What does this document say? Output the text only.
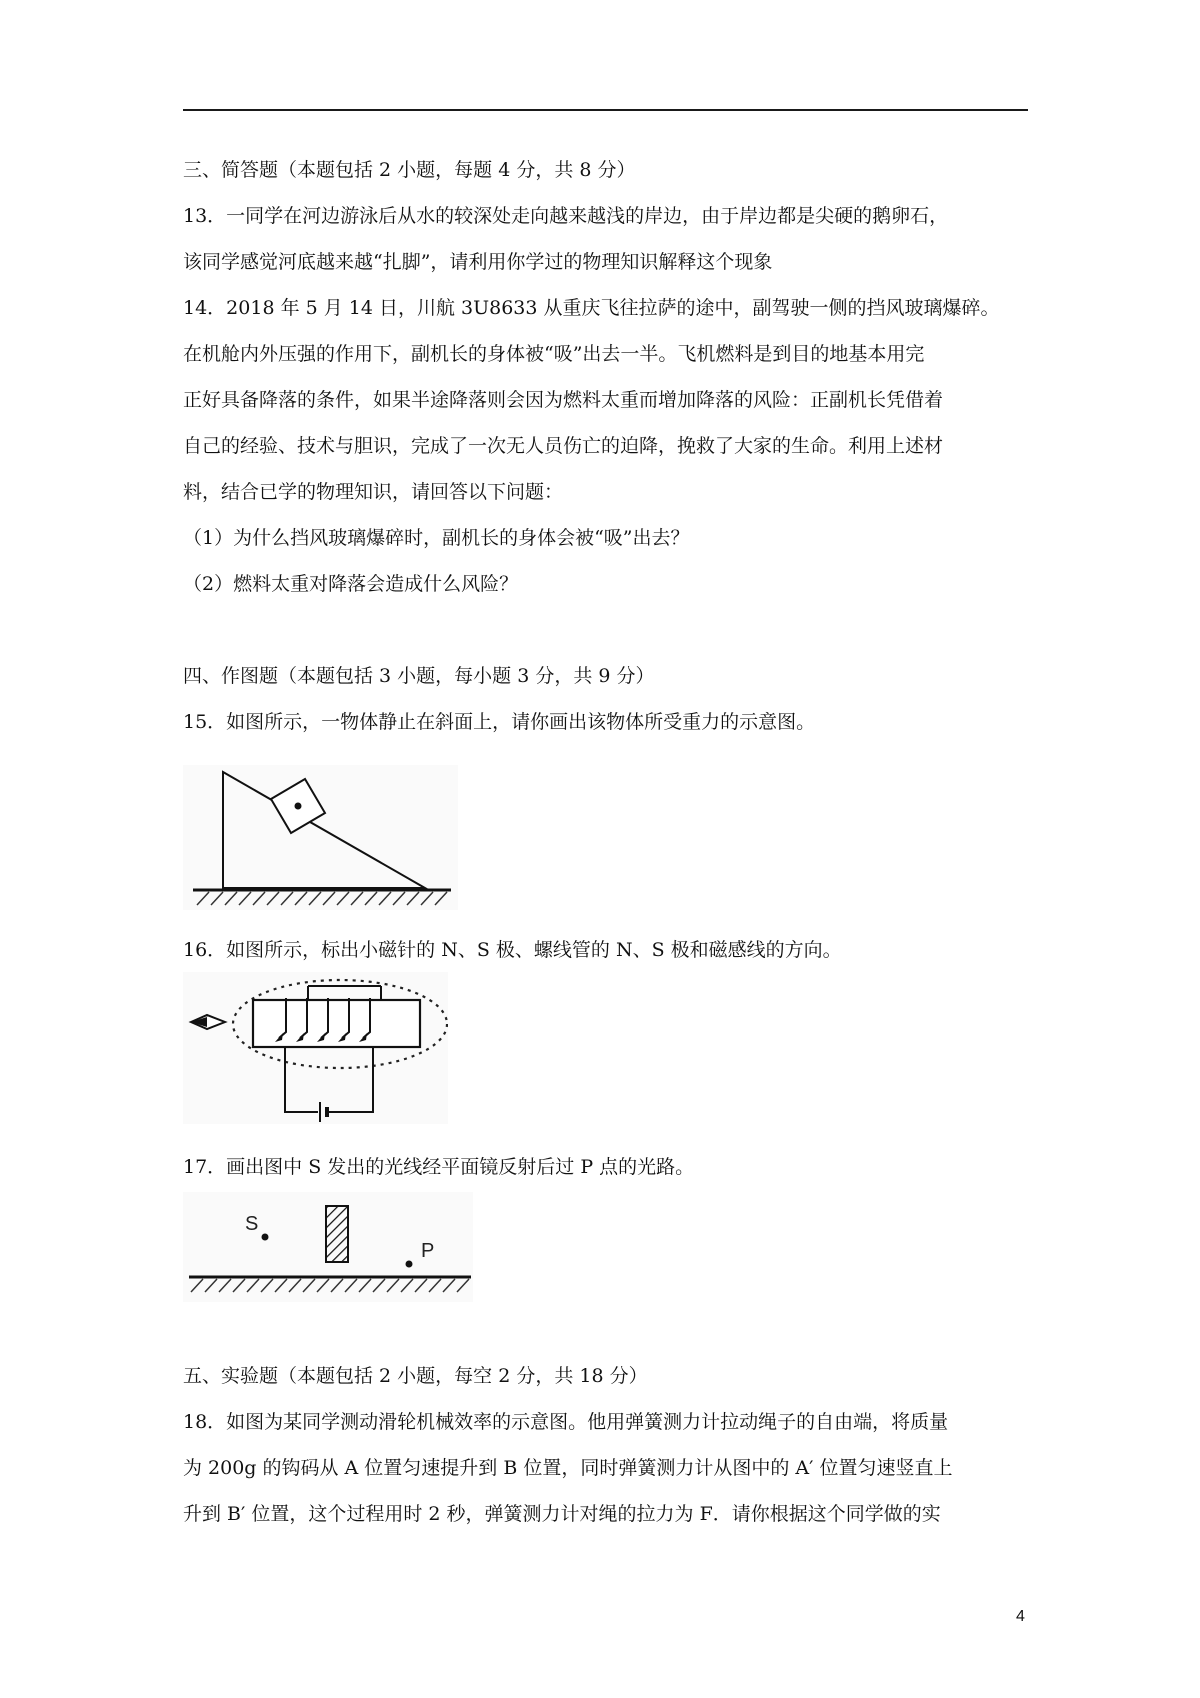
三、简答题（本题包括 2 小题，每题 4 分，共 8 分）
13．一同学在河边游泳后从水的较深处走向越来越浅的岸边，由于岸边都是尖硬的鹅卵石，
该同学感觉河底越来越“扎脚”，请利用你学过的物理知识解释这个现象
14．2018 年 5 月 14 日，川航 3U8633 从重庆飞往拉萨的途中，副驾驶一侧的挡风玻璃爆碎。
在机舱内外压强的作用下，副机长的身体被“吸”出去一半。飞机燃料是到目的地基本用完
正好具备降落的条件，如果半途降落则会因为燃料太重而增加降落的风险：正副机长凭借着
自己的经验、技术与胆识，完成了一次无人员伤亡的迫降，挽救了大家的生命。利用上述材
料，结合已学的物理知识，请回答以下问题：
（1）为什么挡风玻璃爆碎时，副机长的身体会被“吸”出去？
（2）燃料太重对降落会造成什么风险？
四、作图题（本题包括 3 小题，每小题 3 分，共 9 分）
15．如图所示，一物体静止在斜面上，请你画出该物体所受重力的示意图。
16．如图所示，标出小磁针的 N、S 极、螺线管的 N、S 极和磁感线的方向。
17．画出图中 S 发出的光线经平面镜反射后过 P 点的光路。
S
P
五、实验题（本题包括 2 小题，每空 2 分，共 18 分）
18．如图为某同学测动滑轮机械效率的示意图。他用弹簧测力计拉动绳子的自由端，将质量
为 200g 的钩码从 A 位置匀速提升到 B 位置，同时弹簧测力计从图中的 A′ 位置匀速竖直上
升到 B′ 位置，这个过程用时 2 秒，弹簧测力计对绳的拉力为 F．请你根据这个同学做的实
4
